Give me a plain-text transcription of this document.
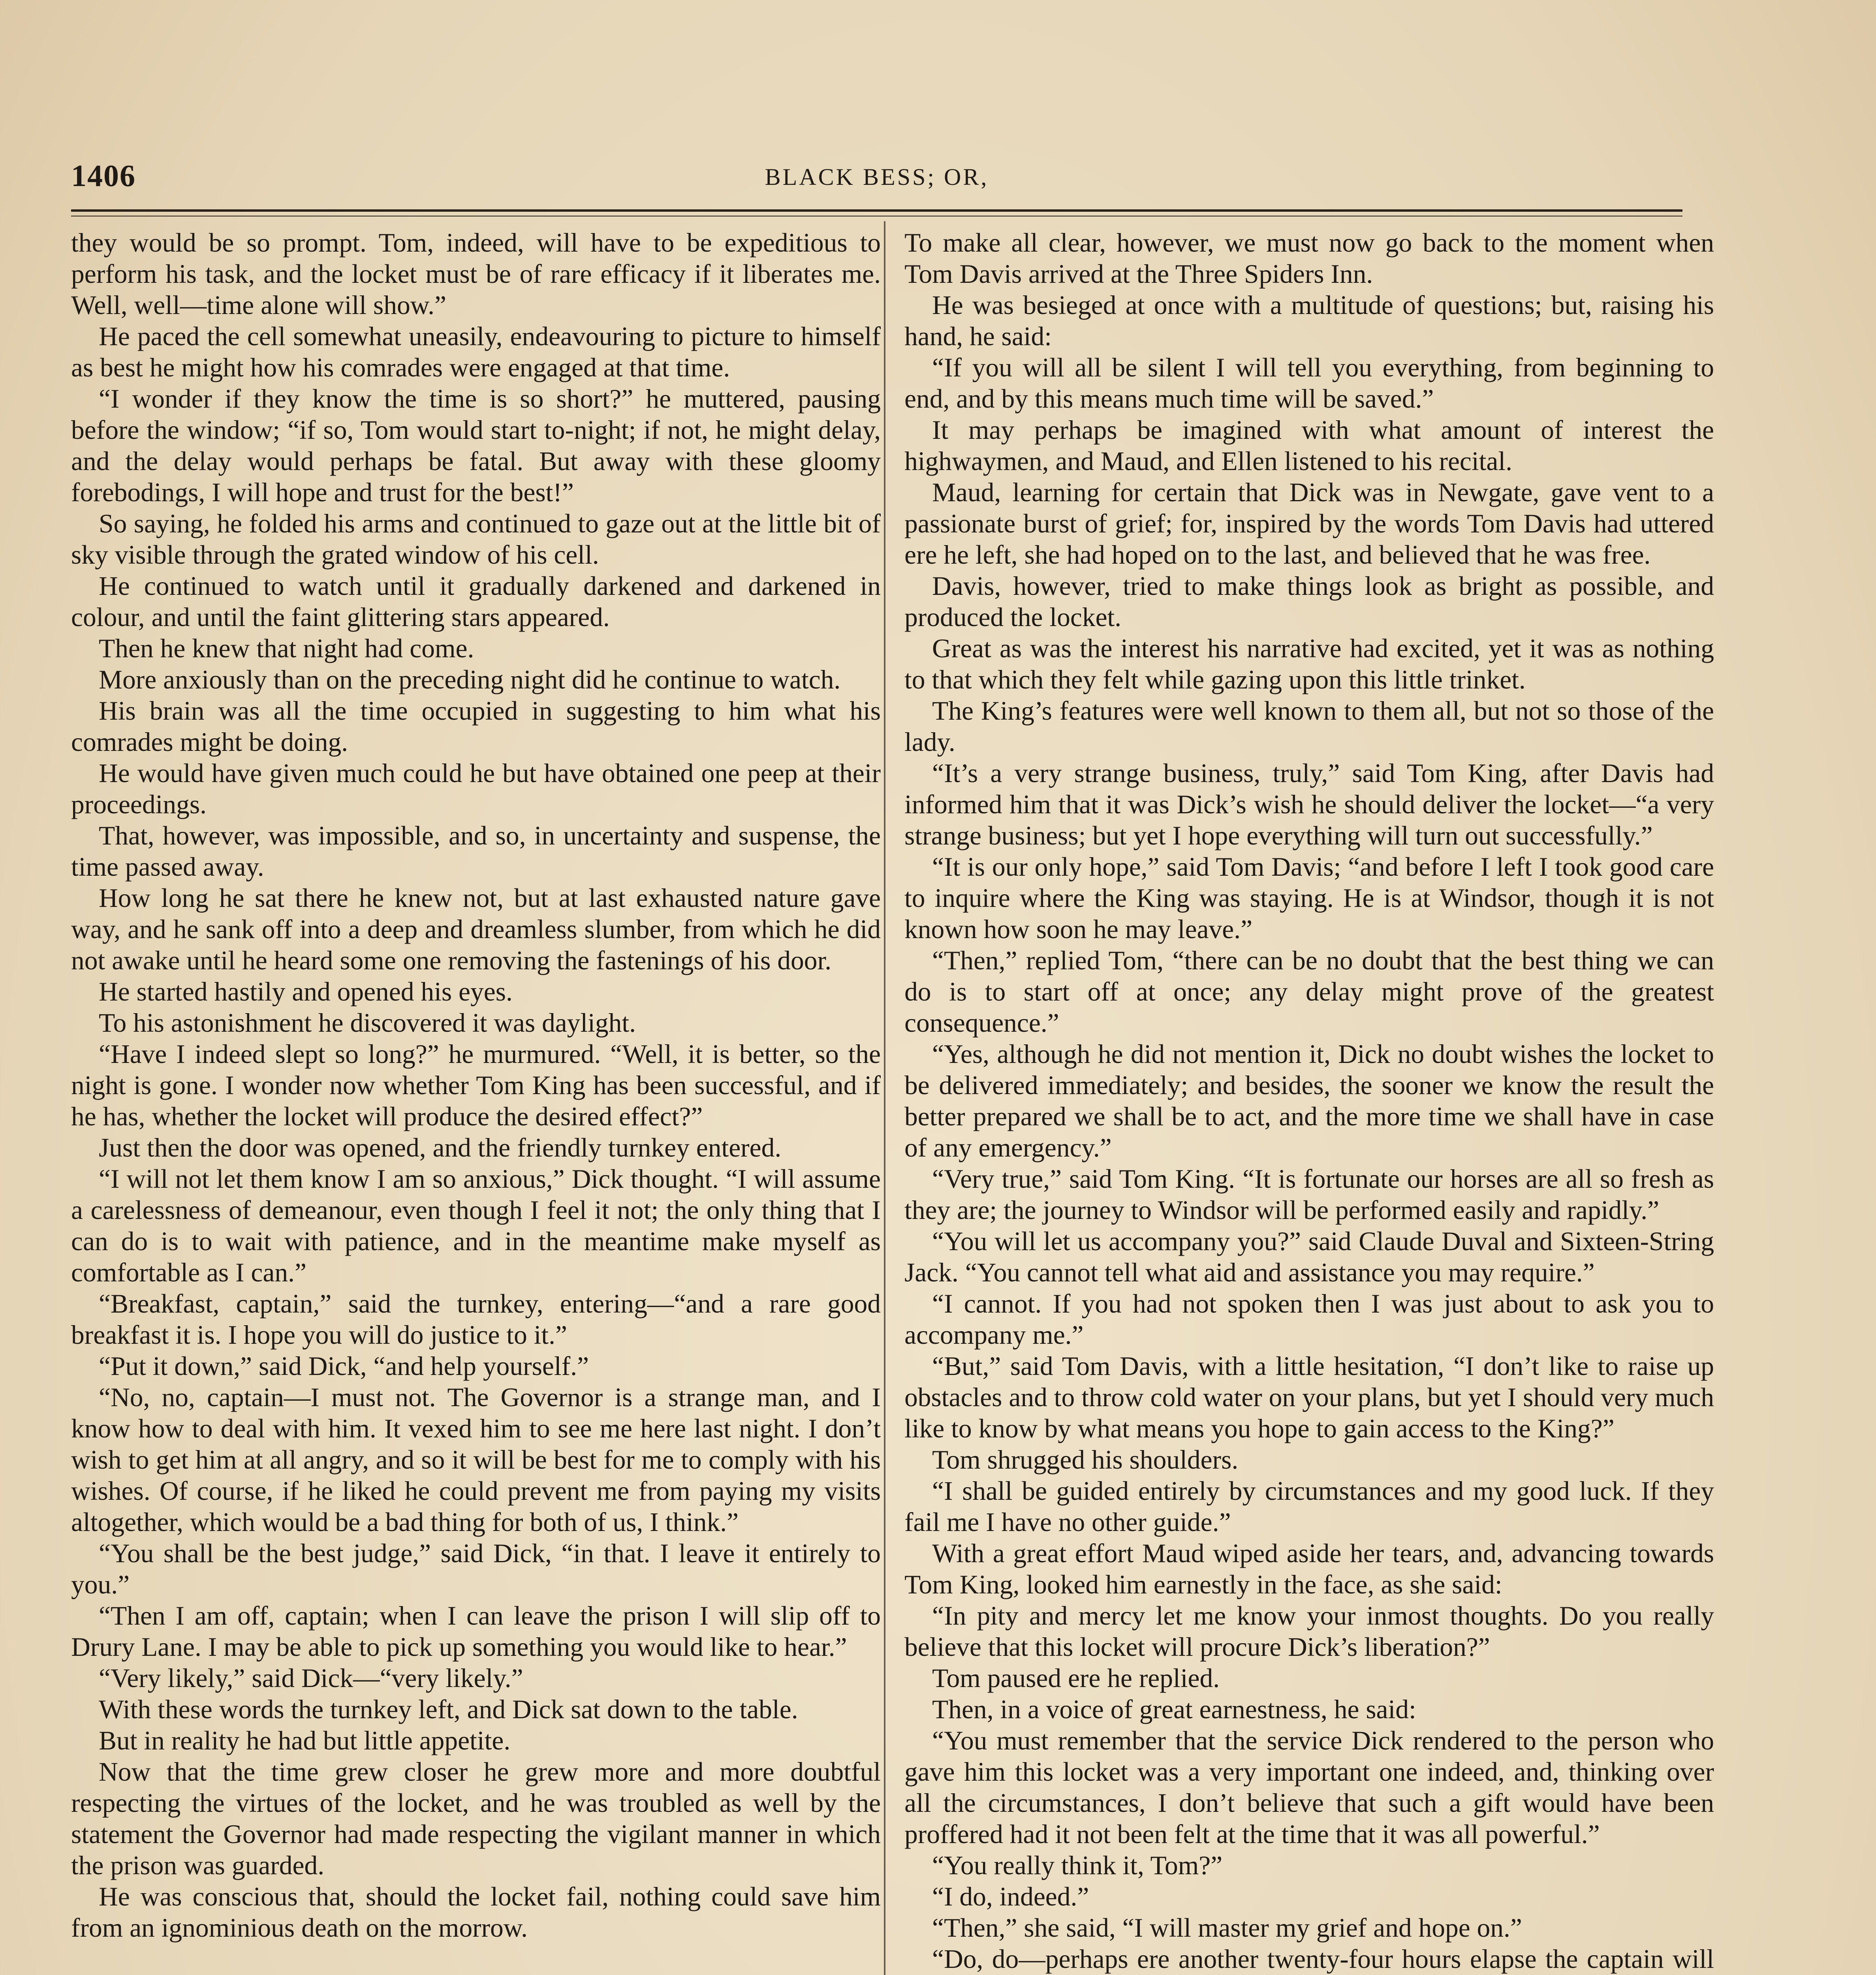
1406	BLACK BESS; OR,

they would be so prompt. Tom, indeed, will have to be expeditious to perform his task, and the locket must be of rare efficacy if it liberates me. Well, well—time alone will show.”

He paced the cell somewhat uneasily, endeavouring to picture to himself as best he might how his comrades were engaged at that time.

“I wonder if they know the time is so short?” he muttered, pausing before the window; “if so, Tom would start to-night; if not, he might delay, and the delay would perhaps be fatal. But away with these gloomy forebodings, I will hope and trust for the best!”

So saying, he folded his arms and continued to gaze out at the little bit of sky visible through the grated window of his cell.

He continued to watch until it gradually darkened and darkened in colour, and until the faint glittering stars appeared.

Then he knew that night had come.

More anxiously than on the preceding night did he continue to watch.

His brain was all the time occupied in suggesting to him what his comrades might be doing.

He would have given much could he but have obtained one peep at their proceedings.

That, however, was impossible, and so, in uncertainty and suspense, the time passed away.

How long he sat there he knew not, but at last exhausted nature gave way, and he sank off into a deep and dreamless slumber, from which he did not awake until he heard some one removing the fastenings of his door.

He started hastily and opened his eyes.

To his astonishment he discovered it was daylight.

“Have I indeed slept so long?” he murmured. “Well, it is better, so the night is gone. I wonder now whether Tom King has been successful, and if he has, whether the locket will produce the desired effect?”

Just then the door was opened, and the friendly turnkey entered.

“I will not let them know I am so anxious,” Dick thought. “I will assume a carelessness of demeanour, even though I feel it not; the only thing that I can do is to wait with patience, and in the meantime make myself as comfortable as I can.”

“Breakfast, captain,” said the turnkey, entering—“and a rare good breakfast it is. I hope you will do justice to it.”

“Put it down,” said Dick, “and help yourself.”

“No, no, captain—I must not. The Governor is a strange man, and I know how to deal with him. It vexed him to see me here last night. I don’t wish to get him at all angry, and so it will be best for me to comply with his wishes. Of course, if he liked he could prevent me from paying my visits altogether, which would be a bad thing for both of us, I think.”

“You shall be the best judge,” said Dick, “in that. I leave it entirely to you.”

“Then I am off, captain; when I can leave the prison I will slip off to Drury Lane. I may be able to pick up something you would like to hear.”

“Very likely,” said Dick—“very likely.”

With these words the turnkey left, and Dick sat down to the table.

But in reality he had but little appetite.

Now that the time grew closer he grew more and more doubtful respecting the virtues of the locket, and he was troubled as well by the statement the Governor had made respecting the vigilant manner in which the prison was guarded.

He was conscious that, should the locket fail, nothing could save him from an ignominious death on the morrow.

To make all clear, however, we must now go back to the moment when Tom Davis arrived at the Three Spiders Inn.

He was besieged at once with a multitude of questions; but, raising his hand, he said:

“If you will all be silent I will tell you everything, from beginning to end, and by this means much time will be saved.”

It may perhaps be imagined with what amount of interest the highwaymen, and Maud, and Ellen listened to his recital.

Maud, learning for certain that Dick was in Newgate, gave vent to a passionate burst of grief; for, inspired by the words Tom Davis had uttered ere he left, she had hoped on to the last, and believed that he was free.

Davis, however, tried to make things look as bright as possible, and produced the locket.

Great as was the interest his narrative had excited, yet it was as nothing to that which they felt while gazing upon this little trinket.

The King’s features were well known to them all, but not so those of the lady.

“It’s a very strange business, truly,” said Tom King, after Davis had informed him that it was Dick’s wish he should deliver the locket—“a very strange business; but yet I hope everything will turn out successfully.”

“It is our only hope,” said Tom Davis; “and before I left I took good care to inquire where the King was staying. He is at Windsor, though it is not known how soon he may leave.”

“Then,” replied Tom, “there can be no doubt that the best thing we can do is to start off at once; any delay might prove of the greatest consequence.”

“Yes, although he did not mention it, Dick no doubt wishes the locket to be delivered immediately; and besides, the sooner we know the result the better prepared we shall be to act, and the more time we shall have in case of any emergency.”

“Very true,” said Tom King. “It is fortunate our horses are all so fresh as they are; the journey to Windsor will be performed easily and rapidly.”

“You will let us accompany you?” said Claude Duval and Sixteen-String Jack. “You cannot tell what aid and assistance you may require.”

“I cannot. If you had not spoken then I was just about to ask you to accompany me.”

“But,” said Tom Davis, with a little hesitation, “I don’t like to raise up obstacles and to throw cold water on your plans, but yet I should very much like to know by what means you hope to gain access to the King?”

Tom shrugged his shoulders.

“I shall be guided entirely by circumstances and my good luck. If they fail me I have no other guide.”

With a great effort Maud wiped aside her tears, and, advancing towards Tom King, looked him earnestly in the face, as she said:

“In pity and mercy let me know your inmost thoughts. Do you really believe that this locket will procure Dick’s liberation?”

Tom paused ere he replied.

Then, in a voice of great earnestness, he said:

“You must remember that the service Dick rendered to the person who gave him this locket was a very important one indeed, and, thinking over all the circumstances, I don’t believe that such a gift would have been proffered had it not been felt at the time that it was all powerful.”

“You really think it, Tom?”

“I do, indeed.”

“Then,” she said, “I will master my grief and hope on.”

“Do, do—perhaps ere another twenty-four hours elapse the captain will
